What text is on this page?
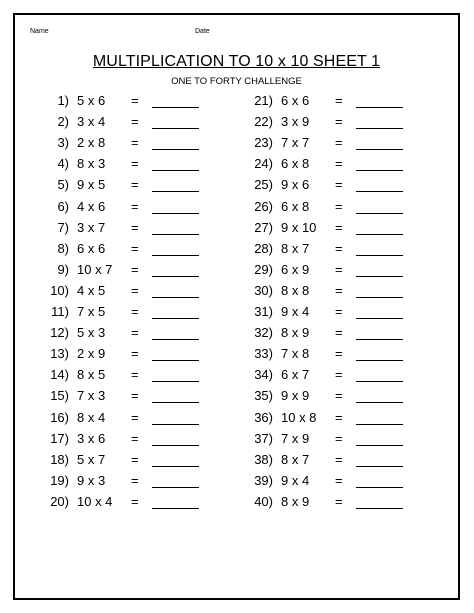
Name	Date
MULTIPLICATION TO 10 x 10 SHEET 1
ONE TO FORTY CHALLENGE
1) 5 x 6 =
2) 3 x 4 =
3) 2 x 8 =
4) 8 x 3 =
5) 9 x 5 =
6) 4 x 6 =
7) 3 x 7 =
8) 6 x 6 =
9) 10 x 7 =
10) 4 x 5 =
11) 7 x 5 =
12) 5 x 3 =
13) 2 x 9 =
14) 8 x 5 =
15) 7 x 3 =
16) 8 x 4 =
17) 3 x 6 =
18) 5 x 7 =
19) 9 x 3 =
20) 10 x 4 =
21) 6 x 6 =
22) 3 x 9 =
23) 7 x 7 =
24) 6 x 8 =
25) 9 x 6 =
26) 6 x 8 =
27) 9 x 10 =
28) 8 x 7 =
29) 6 x 9 =
30) 8 x 8 =
31) 9 x 4 =
32) 8 x 9 =
33) 7 x 8 =
34) 6 x 7 =
35) 9 x 9 =
36) 10 x 8 =
37) 7 x 9 =
38) 8 x 7 =
39) 9 x 4 =
40) 8 x 9 =
